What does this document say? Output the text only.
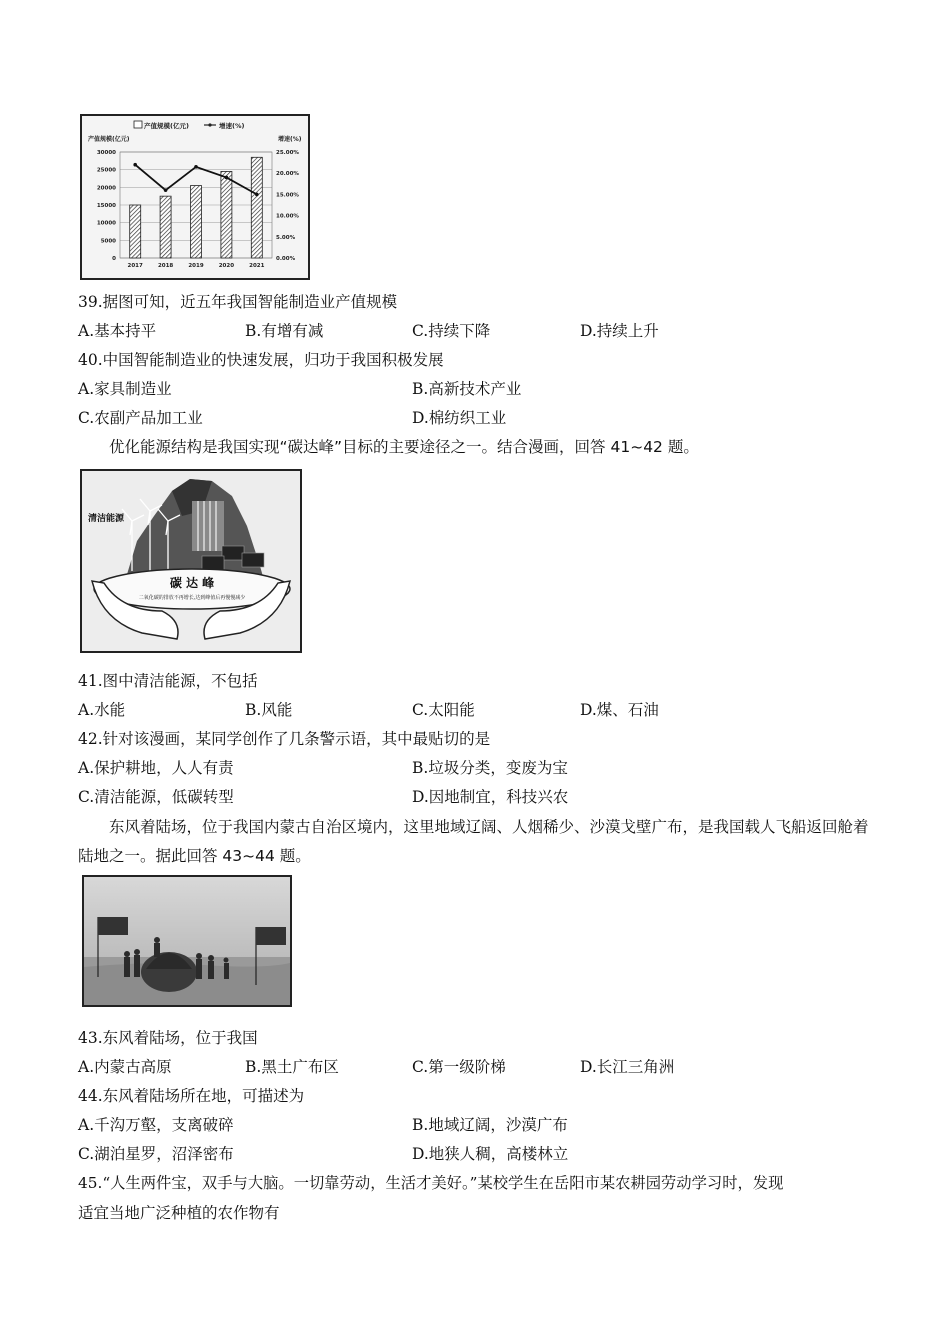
产值规模(亿元)	增速(%)
产值规模(亿元)	增速(%)
30000
25000
20000
15000
10000
5000
0
25.00%
20.00%
15.00%
10.00%
5.00%
0.00%
2017	2018	2019	2020	2021
39.据图可知，近五年我国智能制造业产值规模
A.基本持平	B.有增有减	C.持续下降	D.持续上升
40.中国智能制造业的快速发展，归功于我国积极发展
A.家具制造业	B.高新技术产业
C.农副产品加工业	D.棉纺织工业
优化能源结构是我国实现“碳达峰”目标的主要途径之一。结合漫画，回答 41~42 题。
碳 达 峰
二氧化碳的排放不再增长,达到峰值后再慢慢减少
清洁能源
41.图中清洁能源，不包括
A.水能	B.风能	C.太阳能	D.煤、石油
42.针对该漫画，某同学创作了几条警示语，其中最贴切的是
A.保护耕地，人人有责	B.垃圾分类，变废为宝
C.清洁能源，低碳转型	D.因地制宜，科技兴农
东风着陆场，位于我国内蒙古自治区境内，这里地域辽阔、人烟稀少、沙漠戈壁广布，是我国载人飞船返回舱着陆地之一。据此回答 43~44 题。
43.东风着陆场，位于我国
A.内蒙古高原	B.黑土广布区	C.第一级阶梯	D.长江三角洲
44.东风着陆场所在地，可描述为
A.千沟万壑，支离破碎	B.地域辽阔，沙漠广布
C.湖泊星罗，沼泽密布	D.地狭人稠，高楼林立
45.“人生两件宝，双手与大脑。一切靠劳动，生活才美好。”某校学生在岳阳市某农耕园劳动学习时，发现
适宜当地广泛种植的农作物有
